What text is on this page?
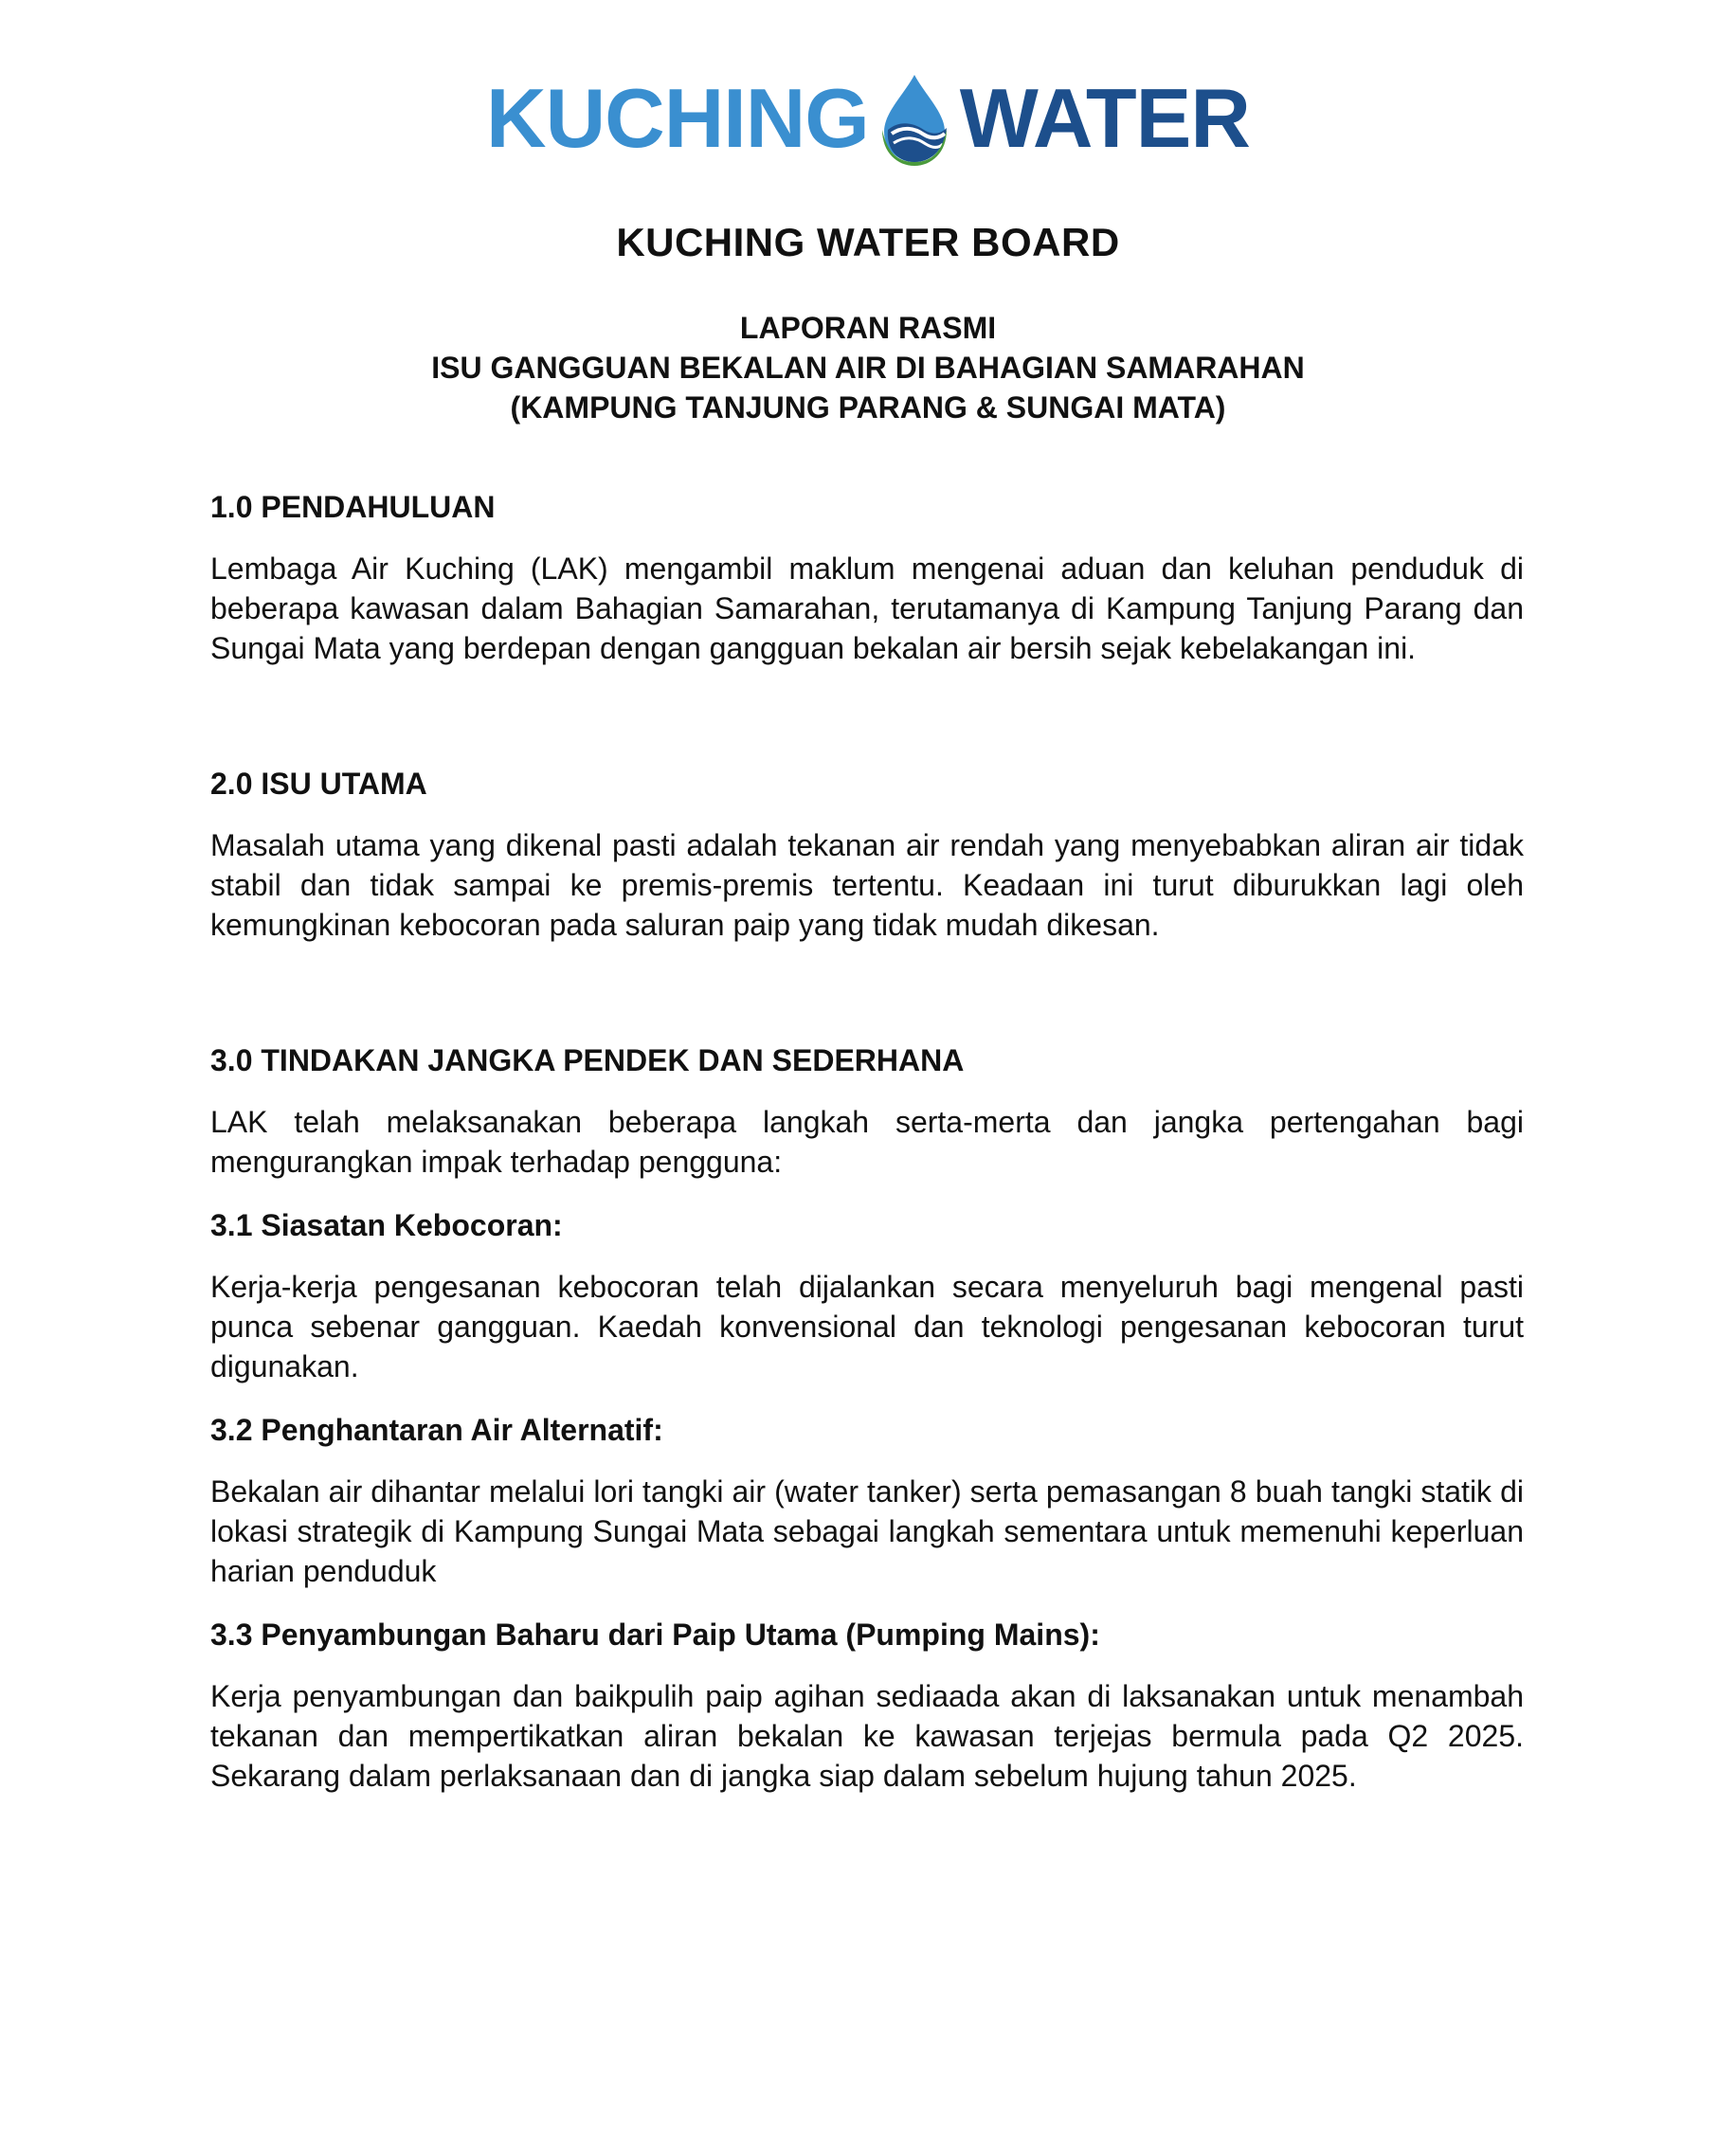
KUCHING WATER
KUCHING WATER BOARD
LAPORAN RASMI
ISU GANGGUAN BEKALAN AIR DI BAHAGIAN SAMARAHAN
(KAMPUNG TANJUNG PARANG & SUNGAI MATA)
1.0 PENDAHULUAN
Lembaga Air Kuching (LAK) mengambil maklum mengenai aduan dan keluhan penduduk di beberapa kawasan dalam Bahagian Samarahan, terutamanya di Kampung Tanjung Parang dan Sungai Mata yang berdepan dengan gangguan bekalan air bersih sejak kebelakangan ini.
2.0 ISU UTAMA
Masalah utama yang dikenal pasti adalah tekanan air rendah yang menyebabkan aliran air tidak stabil dan tidak sampai ke premis-premis tertentu. Keadaan ini turut diburukkan lagi oleh kemungkinan kebocoran pada saluran paip yang tidak mudah dikesan.
3.0 TINDAKAN JANGKA PENDEK DAN SEDERHANA
LAK telah melaksanakan beberapa langkah serta-merta dan jangka pertengahan bagi mengurangkan impak terhadap pengguna:
3.1 Siasatan Kebocoran:
Kerja-kerja pengesanan kebocoran telah dijalankan secara menyeluruh bagi mengenal pasti punca sebenar gangguan. Kaedah konvensional dan teknologi pengesanan kebocoran turut digunakan.
3.2 Penghantaran Air Alternatif:
Bekalan air dihantar melalui lori tangki air (water tanker) serta pemasangan 8 buah tangki statik di lokasi strategik di Kampung Sungai Mata sebagai langkah sementara untuk memenuhi keperluan harian penduduk
3.3 Penyambungan Baharu dari Paip Utama (Pumping Mains):
Kerja penyambungan dan baikpulih paip agihan sediaada akan di laksanakan untuk menambah tekanan dan mempertikatkan aliran bekalan ke kawasan terjejas bermula pada Q2 2025. Sekarang dalam perlaksanaan dan di jangka siap dalam sebelum hujung tahun 2025.
